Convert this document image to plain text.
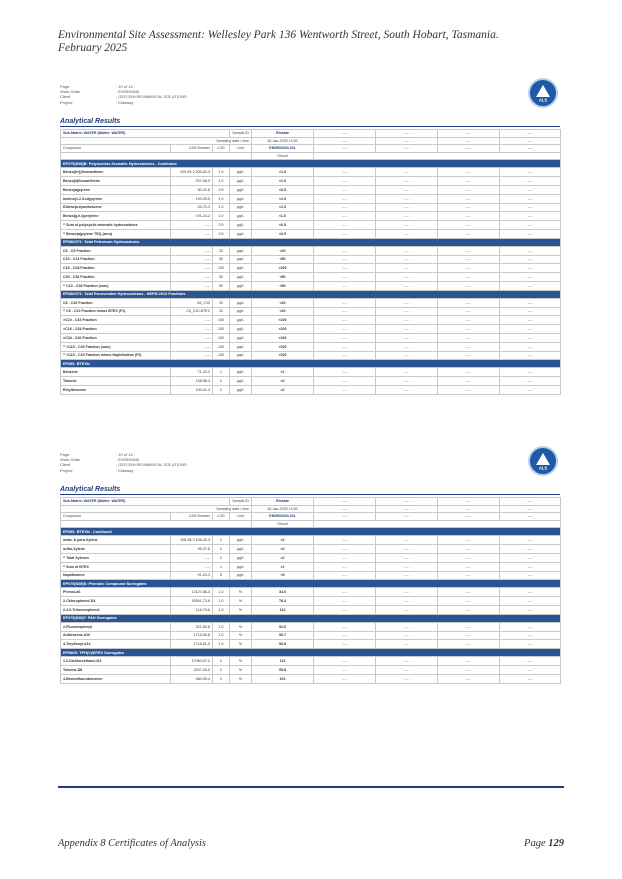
Environmental Site Assessment: Wellesley Park 136 Wentworth Street, South Hobart, Tasmania.
February 2025
Page	: 10 of 14
Work Order	: EH2500345
Client	: GEO-ENVIRONMENTAL SOLUTIONS
Project	: Kidaway	ALS
Analytical Results
Sub-Matrix: WATER (Matrix: WATER)			Sample ID	Rinsate	----	----	----	----
Sampling date / time				06-Jan-2025 14:00	----	----	----	----
Compound	CAS Number	LOR	Unit	EM2500343-011	----	----	----	----
				Result				
EP075(SIM)B: Polynuclear Aromatic Hydrocarbons - Continued								
Benzo(b+j)fluoranthene	205-99-2 205-82-3	1.0	µg/L	<1.0	----	----	----	----
Benzo(k)fluoranthene	207-08-9	1.0	µg/L	<1.0	----	----	----	----
Benzo(a)pyrene	50-32-8	0.5	µg/L	<0.5	----	----	----	----
Indeno(1.2.3.cd)pyrene	193-39-5	1.0	µg/L	<1.0	----	----	----	----
Dibenz(a.h)anthracene	53-70-3	1.0	µg/L	<1.0	----	----	----	----
Benzo(g.h.i)perylene	191-24-2	1.0	µg/L	<1.0	----	----	----	----
^ Sum of polycyclic aromatic hydrocarbons	----	0.5	µg/L	<0.5	----	----	----	----
^ Benzo(a)pyrene TEQ (zero)	----	0.5	µg/L	<0.5	----	----	----	----
EP080/071: Total Petroleum Hydrocarbons								
C6 - C9 Fraction	----	20	µg/L	<20	----	----	----	----
C10 - C14 Fraction	----	50	µg/L	<50	----	----	----	----
C15 - C28 Fraction	----	100	µg/L	<100	----	----	----	----
C29 - C36 Fraction	----	50	µg/L	<50	----	----	----	----
^ C10 - C36 Fraction (sum)	----	50	µg/L	<50	----	----	----	----
EP080/071: Total Recoverable Hydrocarbons - NEPM 2013 Fractions								
C6 - C10 Fraction	C6_C10	20	µg/L	<20	----	----	----	----
^ C6 - C10 Fraction minus BTEX (F1)	C6_C10-BTEX	20	µg/L	<20	----	----	----	----
>C10 - C16 Fraction	----	100	µg/L	<100	----	----	----	----
>C16 - C34 Fraction	----	100	µg/L	<100	----	----	----	----
>C34 - C40 Fraction	----	100	µg/L	<100	----	----	----	----
^ >C10 - C40 Fraction (sum)	----	100	µg/L	<100	----	----	----	----
^ >C10 - C16 Fraction minus Naphthalene (F2)	----	100	µg/L	<100	----	----	----	----
EP080: BTEXN								
Benzene	71-43-2	1	µg/L	<1	----	----	----	----
Toluene	108-88-3	2	µg/L	<2	----	----	----	----
Ethylbenzene	100-41-4	2	µg/L	<2	----	----	----	----
Page	: 10 of 14
Work Order	: EH2500345
Client	: GEO-ENVIRONMENTAL SOLUTIONS
Project	: Kidaway	ALS
Analytical Results
Sub-Matrix: WATER (Matrix: WATER)			Sample ID	Rinsate	----	----	----	----
Sampling date / time				06-Jan-2025 14:00	----	----	----	----
Compound	CAS Number	LOR	Unit	EM2500343-011	----	----	----	----
				Result				
EP080: BTEXN - Continued								
meta- & para-Xylene	108-38-3 106-42-3	2	µg/L	<2	----	----	----	----
ortho-Xylene	95-47-6	2	µg/L	<2	----	----	----	----
^ Total Xylenes	----	2	µg/L	<2	----	----	----	----
^ Sum of BTEX	----	1	µg/L	<1	----	----	----	----
Naphthalene	91-20-3	5	µg/L	<5	----	----	----	----
EP075(SIM)S: Phenolic Compound Surrogates								
Phenol-d6	13127-88-3	1.0	%	34.6	----	----	----	----
2-Chlorophenol-D4	93951-73-6	1.0	%	78.3	----	----	----	----
2.4.6-Tribromophenol	118-79-6	1.0	%	112	----	----	----	----
EP075(SIM)T: PAH Surrogates								
2-Fluorobiphenyl	321-60-8	1.0	%	92.6	----	----	----	----
Anthracene-d10	1719-06-8	1.0	%	90.7	----	----	----	----
4-Terphenyl-d14	1718-51-0	1.0	%	90.8	----	----	----	----
EP080S: TPH(V)/BTEX Surrogates								
1.2-Dichloroethane-D4	17060-07-0	2	%	114	----	----	----	----
Toluene-D8	2037-26-5	2	%	95.8	----	----	----	----
4-Bromofluorobenzene	460-00-4	2	%	101	----	----	----	----
Appendix 8 Certificates of Analysis	Page 129
